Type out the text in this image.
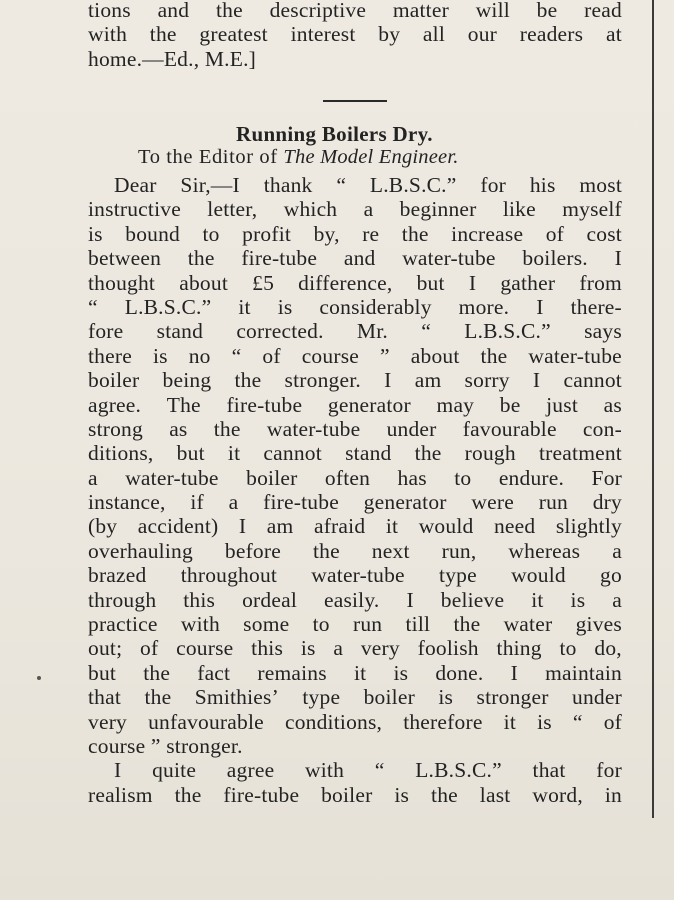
tions and the descriptive matter will be read
with the greatest interest by all our readers at
home.—Ed., M.E.]
Running Boilers Dry.
To the Editor of The Model Engineer.
Dear Sir,—I thank “ L.B.S.C.” for his most
instructive letter, which a beginner like myself
is bound to profit by, re the increase of cost
between the fire-tube and water-tube boilers. I
thought about £5 difference, but I gather from
“ L.B.S.C.” it is considerably more. I there-
fore stand corrected. Mr. “ L.B.S.C.” says
there is no “ of course ” about the water-tube
boiler being the stronger. I am sorry I cannot
agree. The fire-tube generator may be just as
strong as the water-tube under favourable con-
ditions, but it cannot stand the rough treatment
a water-tube boiler often has to endure. For
instance, if a fire-tube generator were run dry
(by accident) I am afraid it would need slightly
overhauling before the next run, whereas a
brazed throughout water-tube type would go
through this ordeal easily. I believe it is a
practice with some to run till the water gives
out; of course this is a very foolish thing to do,
but the fact remains it is done. I maintain
that the Smithies’ type boiler is stronger under
very unfavourable conditions, therefore it is “ of
course ” stronger.
I quite agree with “ L.B.S.C.” that for
realism the fire-tube boiler is the last word, in
